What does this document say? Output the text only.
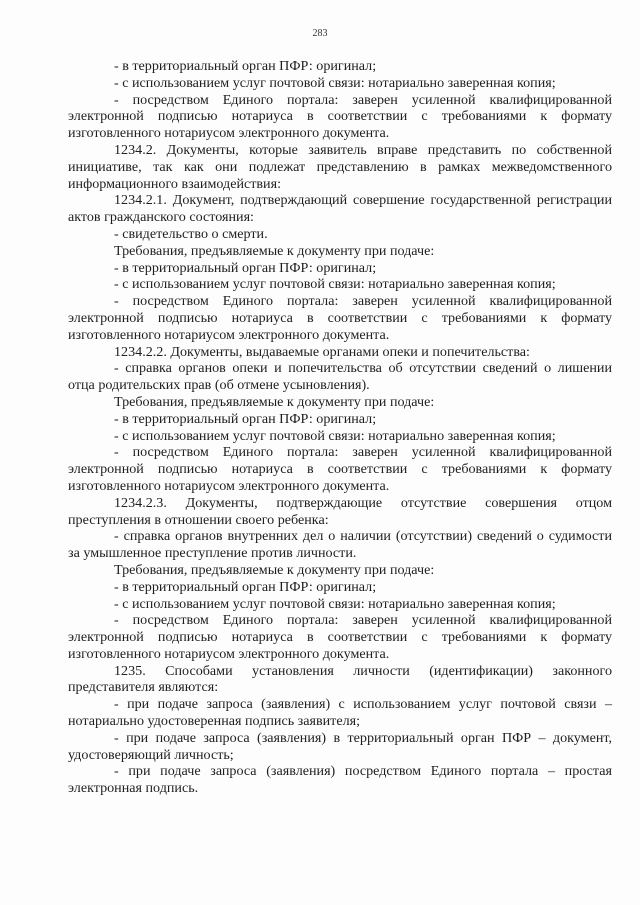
283

- в территориальный орган ПФР: оригинал;

- с использованием услуг почтовой связи: нотариально заверенная копия;

- посредством Единого портала: заверен усиленной квалифицированной электронной подписью нотариуса в соответствии с требованиями к формату изготовленного нотариусом электронного документа.

1234.2. Документы, которые заявитель вправе представить по собственной инициативе, так как они подлежат представлению в рамках межведомственного информационного взаимодействия:

1234.2.1. Документ, подтверждающий совершение государственной регистрации актов гражданского состояния:

- свидетельство о смерти.

Требования, предъявляемые к документу при подаче:

- в территориальный орган ПФР: оригинал;

- с использованием услуг почтовой связи: нотариально заверенная копия;

- посредством Единого портала: заверен усиленной квалифицированной электронной подписью нотариуса в соответствии с требованиями к формату изготовленного нотариусом электронного документа.

1234.2.2. Документы, выдаваемые органами опеки и попечительства:

- справка органов опеки и попечительства об отсутствии сведений о лишении отца родительских прав (об отмене усыновления).

Требования, предъявляемые к документу при подаче:

- в территориальный орган ПФР: оригинал;

- с использованием услуг почтовой связи: нотариально заверенная копия;

- посредством Единого портала: заверен усиленной квалифицированной электронной подписью нотариуса в соответствии с требованиями к формату изготовленного нотариусом электронного документа.

1234.2.3. Документы, подтверждающие отсутствие совершения отцом преступления в отношении своего ребенка:

- справка органов внутренних дел о наличии (отсутствии) сведений о судимости за умышленное преступление против личности.

Требования, предъявляемые к документу при подаче:

- в территориальный орган ПФР: оригинал;

- с использованием услуг почтовой связи: нотариально заверенная копия;

- посредством Единого портала: заверен усиленной квалифицированной электронной подписью нотариуса в соответствии с требованиями к формату изготовленного нотариусом электронного документа.

1235. Способами установления личности (идентификации) законного представителя являются:

- при подаче запроса (заявления) с использованием услуг почтовой связи – нотариально удостоверенная подпись заявителя;

- при подаче запроса (заявления) в территориальный орган ПФР – документ, удостоверяющий личность;

- при подаче запроса (заявления) посредством Единого портала – простая электронная подпись.
